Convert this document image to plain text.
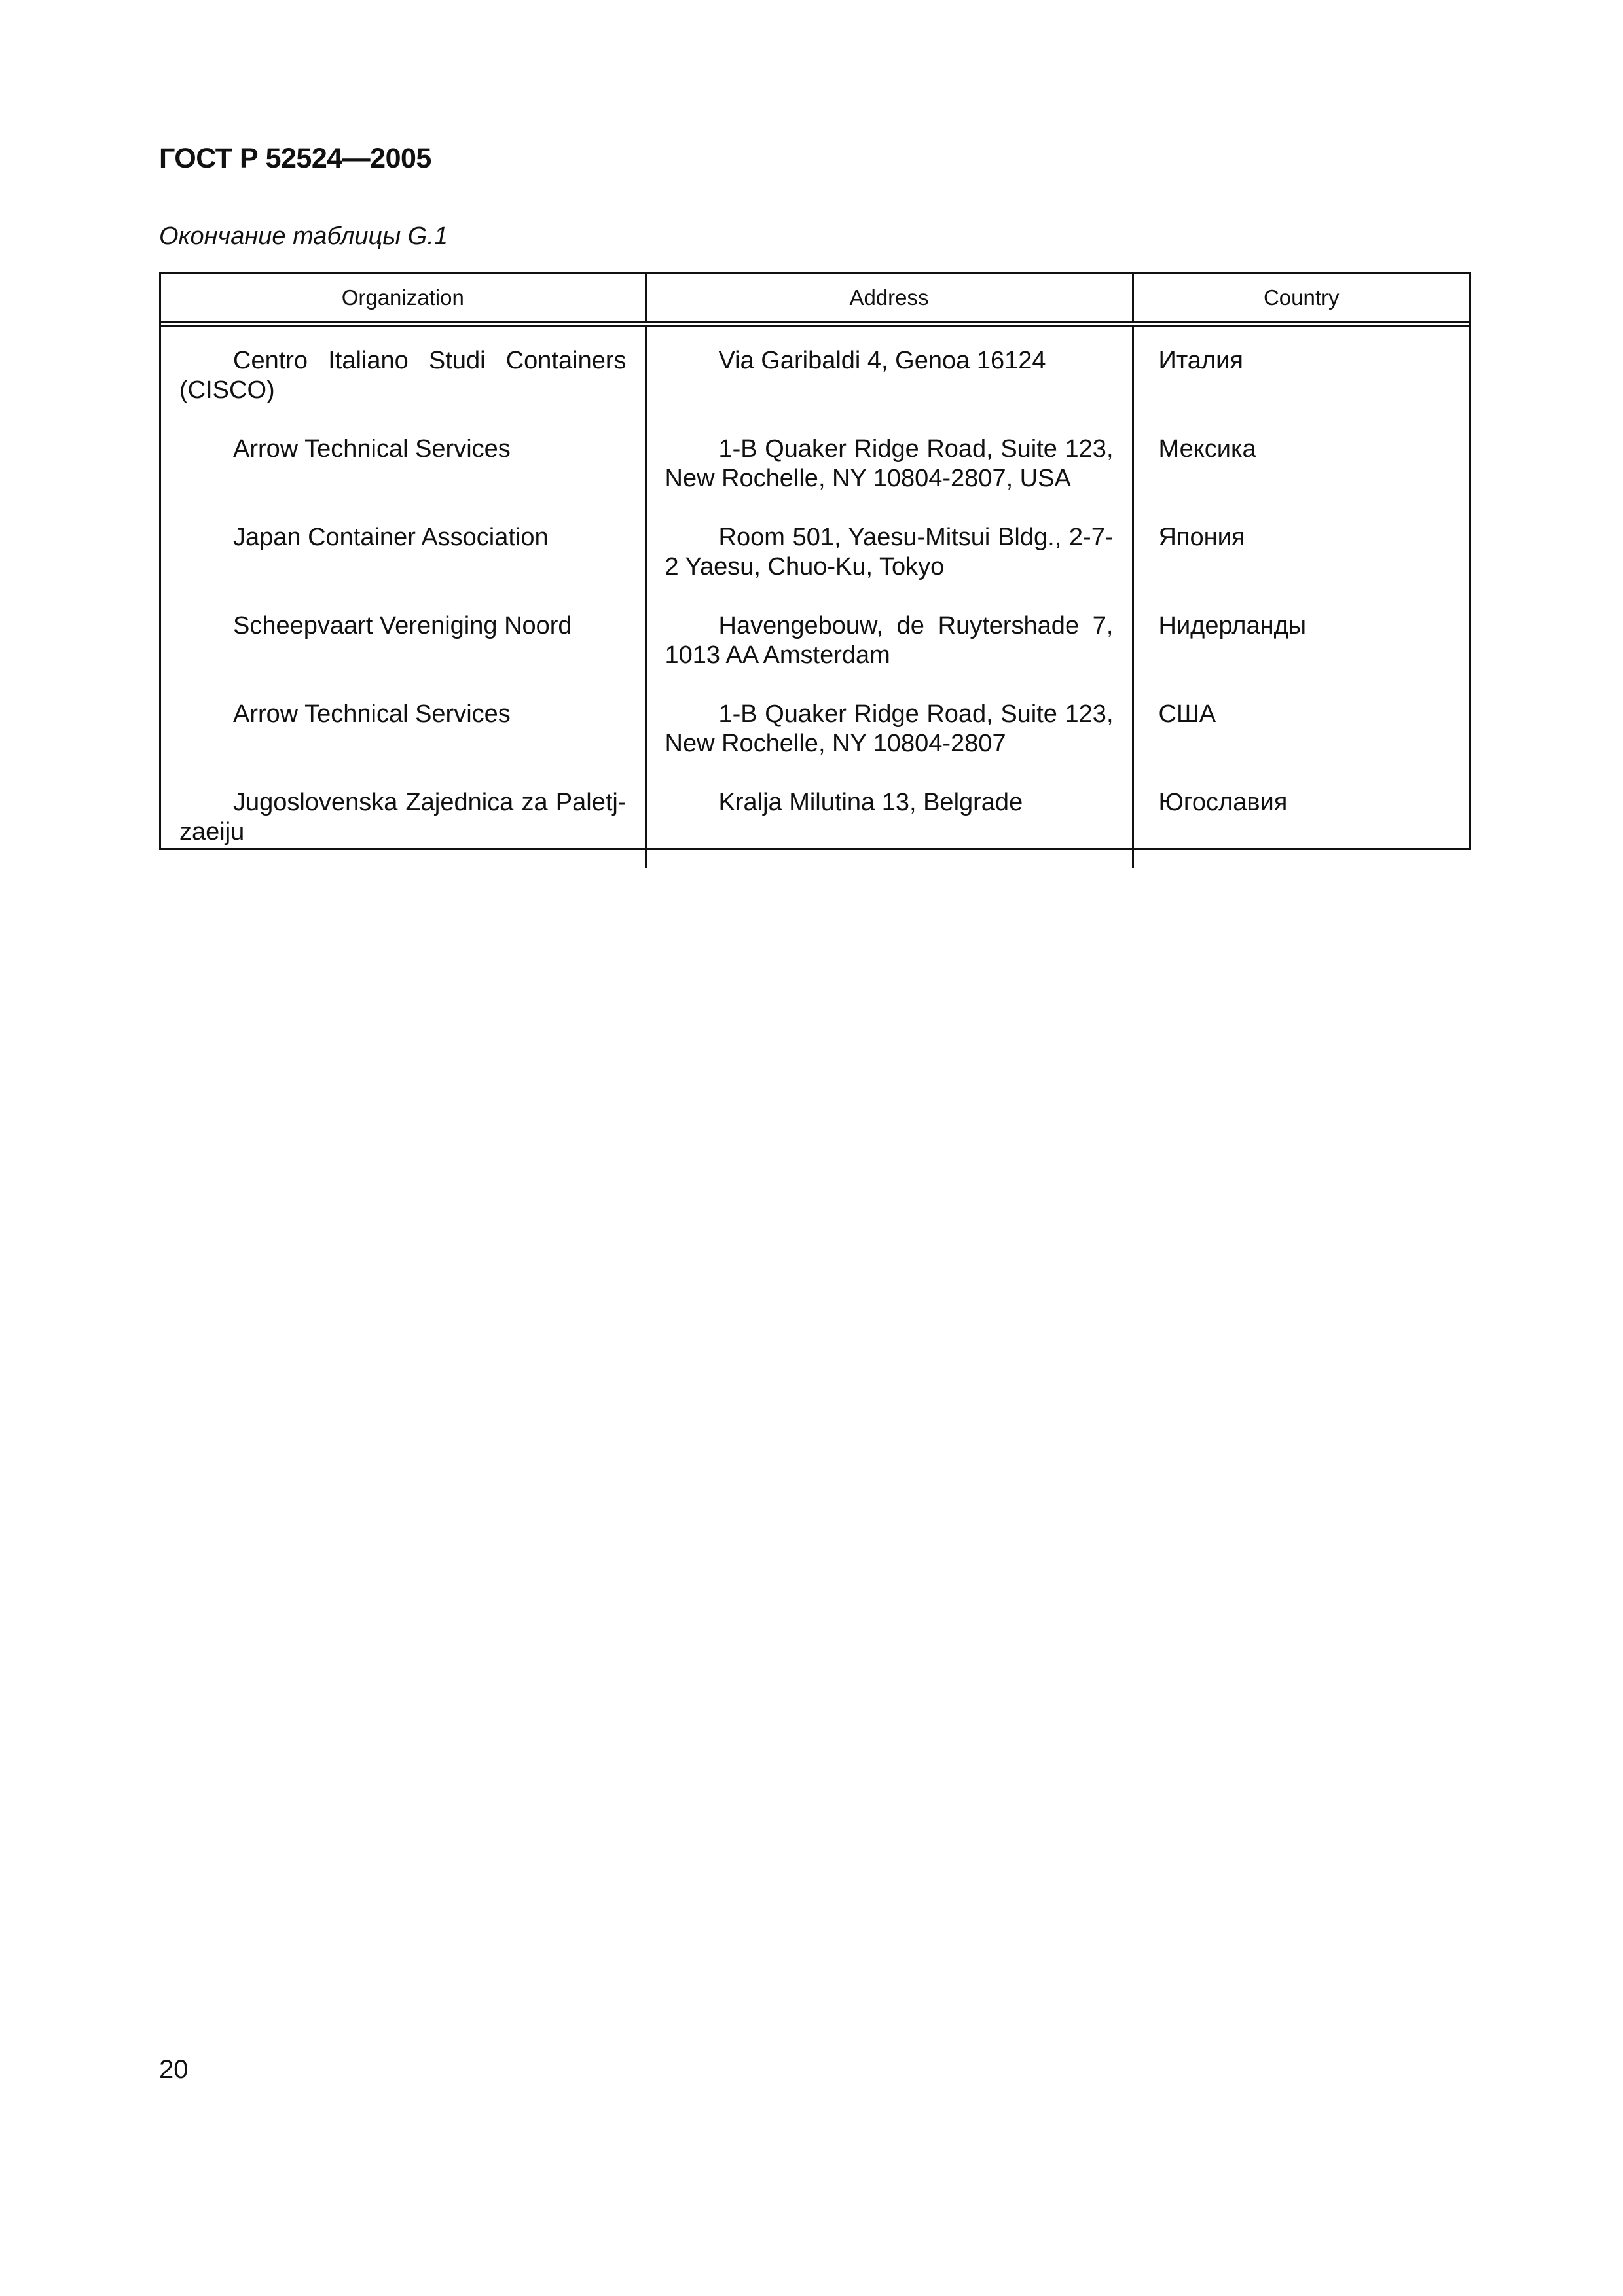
ГОСТ Р 52524—2005

Окончание таблицы G.1

Organization	Address	Country
Centro Italiano Studi Containers (CISCO)	Via Garibaldi 4, Genoa 16124	Италия
Arrow Technical Services	1-B Quaker Ridge Road, Suite 123, New Rochelle, NY 10804-2807, USA	Мексика
Japan Container Association	Room 501, Yaesu-Mitsui Bldg., 2-7-2 Yaesu, Chuo-Ku, Tokyo	Япония
Scheepvaart Vereniging Noord	Havengebouw, de Ruytershade 7, 1013 AA Amsterdam	Нидерланды
Arrow Technical Services	1-B Quaker Ridge Road, Suite 123, New Rochelle, NY 10804-2807	США
Jugoslovenska Zajednica za Paletj-zaeiju	Kralja Milutina 13, Belgrade	Югославия

20
